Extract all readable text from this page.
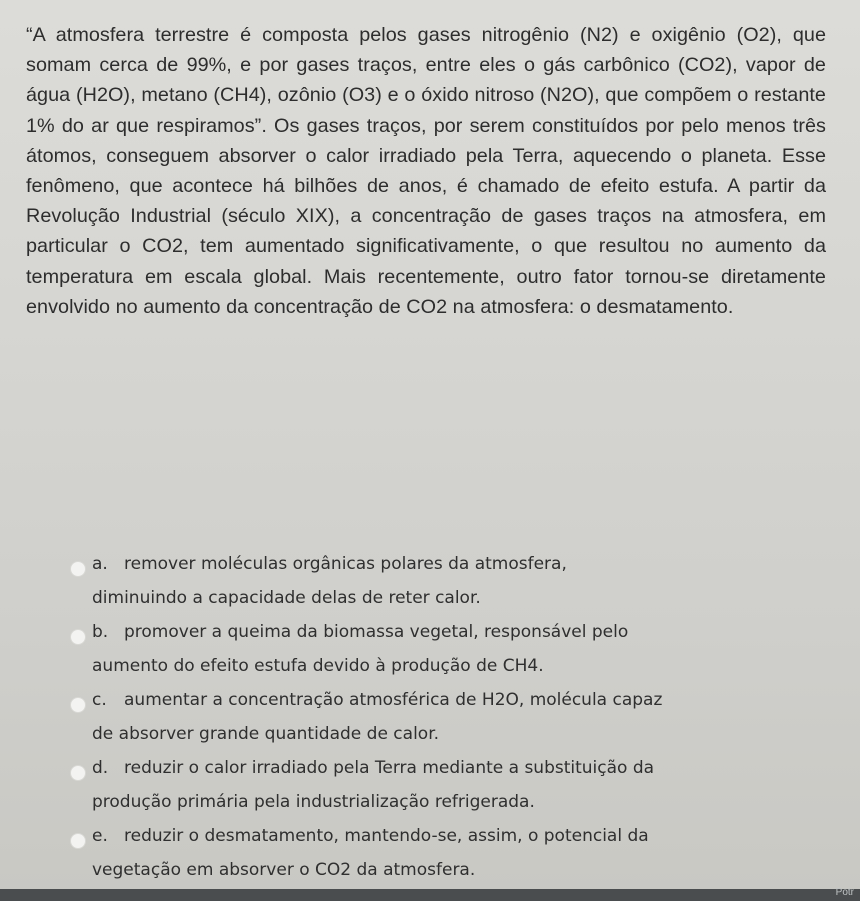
“A atmosfera terrestre é composta pelos gases nitrogênio (N2) e oxigênio (O2), que somam cerca de 99%, e por gases traços, entre eles o gás carbônico (CO2), vapor de água (H2O), metano (CH4), ozônio (O3) e o óxido nitroso (N2O), que compõem o restante 1% do ar que respiramos”. Os gases traços, por serem constituídos por pelo menos três átomos, conseguem absorver o calor irradiado pela Terra, aquecendo o planeta. Esse fenômeno, que acontece há bilhões de anos, é chamado de efeito estufa. A partir da Revolução Industrial (século XIX), a concentração de gases traços na atmosfera, em particular o CO2, tem aumentado significativamente, o que resultou no aumento da temperatura em escala global. Mais recentemente, outro fator tornou-se diretamente envolvido no aumento da concentração de CO2 na atmosfera: o desmatamento.
a. remover moléculas orgânicas polares da atmosfera,
diminuindo a capacidade delas de reter calor.
b. promover a queima da biomassa vegetal, responsável pelo
aumento do efeito estufa devido à produção de CH4.
c. aumentar a concentração atmosférica de H2O, molécula capaz
de absorver grande quantidade de calor.
d. reduzir o calor irradiado pela Terra mediante a substituição da
produção primária pela industrialização refrigerada.
e. reduzir o desmatamento, mantendo-se, assim, o potencial da
vegetação em absorver o CO2 da atmosfera.
Potr
